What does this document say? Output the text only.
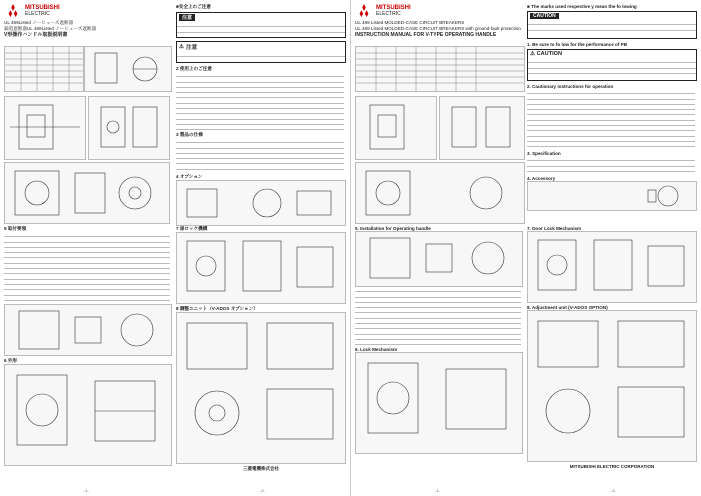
MITSUBISHI
ELECTRIC
UL 489Listed ノーヒューズ遮断器
漏電遮断器UL 489Listed ノーヒューズ遮断器
V形操作ハンドル取扱説明書
■安全上のご注意
注意
⚠ 注意
2 使用上のご注意
3 製品の仕様
4 オプション
5 取付要領
6 外形
7 扉ロック機構
8 調整ユニット（V-ADOS オプション）
三菱電機株式会社
-1-	-2-
MITSUBISHI
ELECTRIC
UL 489 Listed MOLDED-CASE CIRCUIT BREAKERS
UL 489 Listed MOLDED-CASE CIRCUIT BREAKERS with ground-fault protection
INSTRUCTION MANUAL FOR V-TYPE OPERATING HANDLE
■ The marks used respective y mean the fo lowing
CAUTION
1. Be sure to fo low for the performance of PB
⚠ CAUTION
2. Cautionary instructions for operation
3. Specification
4. Accessory
5. Installation for Operating handle
6. Lock Mechanism
7. Door Lock Mechanism
8. Adjustment unit (V-ADOS OPTION)
MITSUBISHI ELECTRIC CORPORATION
-1-	-2-
